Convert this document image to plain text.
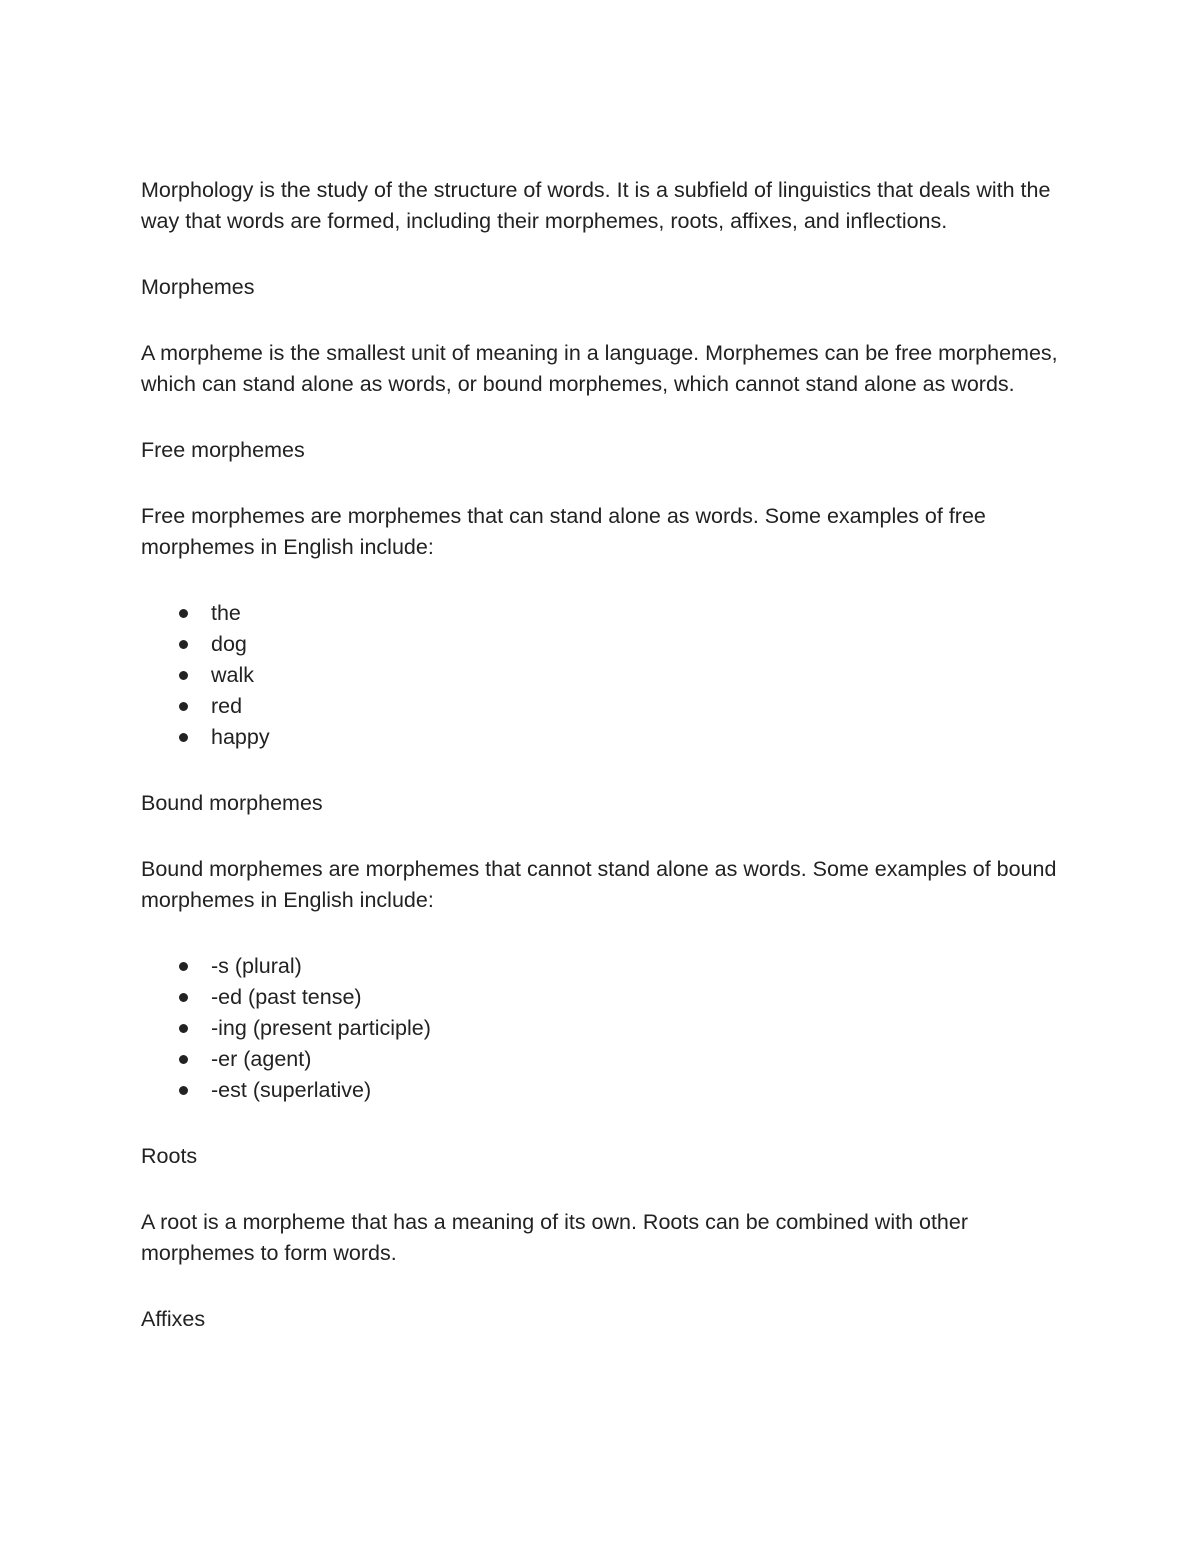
Morphology is the study of the structure of words. It is a subfield of linguistics that deals with the way that words are formed, including their morphemes, roots, affixes, and inflections.

Morphemes

A morpheme is the smallest unit of meaning in a language. Morphemes can be free morphemes, which can stand alone as words, or bound morphemes, which cannot stand alone as words.

Free morphemes

Free morphemes are morphemes that can stand alone as words. Some examples of free morphemes in English include:

the
dog
walk
red
happy

Bound morphemes

Bound morphemes are morphemes that cannot stand alone as words. Some examples of bound morphemes in English include:

-s (plural)
-ed (past tense)
-ing (present participle)
-er (agent)
-est (superlative)

Roots

A root is a morpheme that has a meaning of its own. Roots can be combined with other morphemes to form words.

Affixes
